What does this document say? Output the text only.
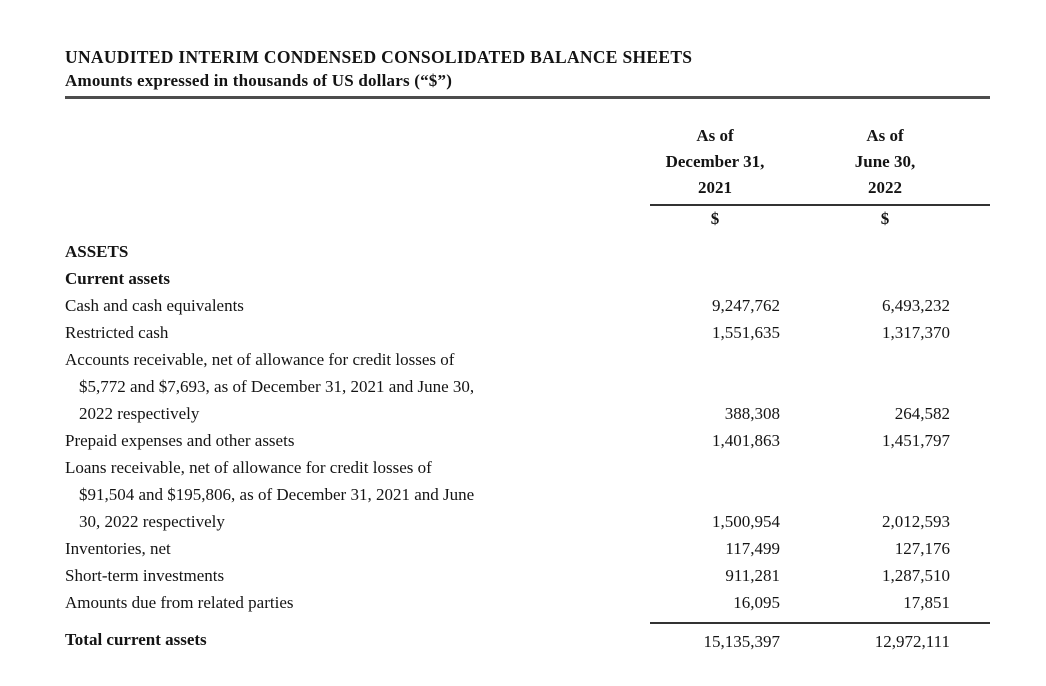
UNAUDITED INTERIM CONDENSED CONSOLIDATED BALANCE SHEETS
Amounts expressed in thousands of US dollars (“$”)
As of
December 31,
2021
As of
June 30,
2022
$	$
ASSETS
Current assets
Cash and cash equivalents	9,247,762	6,493,232
Restricted cash	1,551,635	1,317,370
Accounts receivable, net of allowance for credit losses of
$5,772 and $7,693, as of December 31, 2021 and June 30,
2022 respectively	388,308	264,582
Prepaid expenses and other assets	1,401,863	1,451,797
Loans receivable, net of allowance for credit losses of
$91,504 and $195,806, as of December 31, 2021 and June
30, 2022 respectively	1,500,954	2,012,593
Inventories, net	117,499	127,176
Short-term investments	911,281	1,287,510
Amounts due from related parties	16,095	17,851
Total current assets	15,135,397	12,972,111
